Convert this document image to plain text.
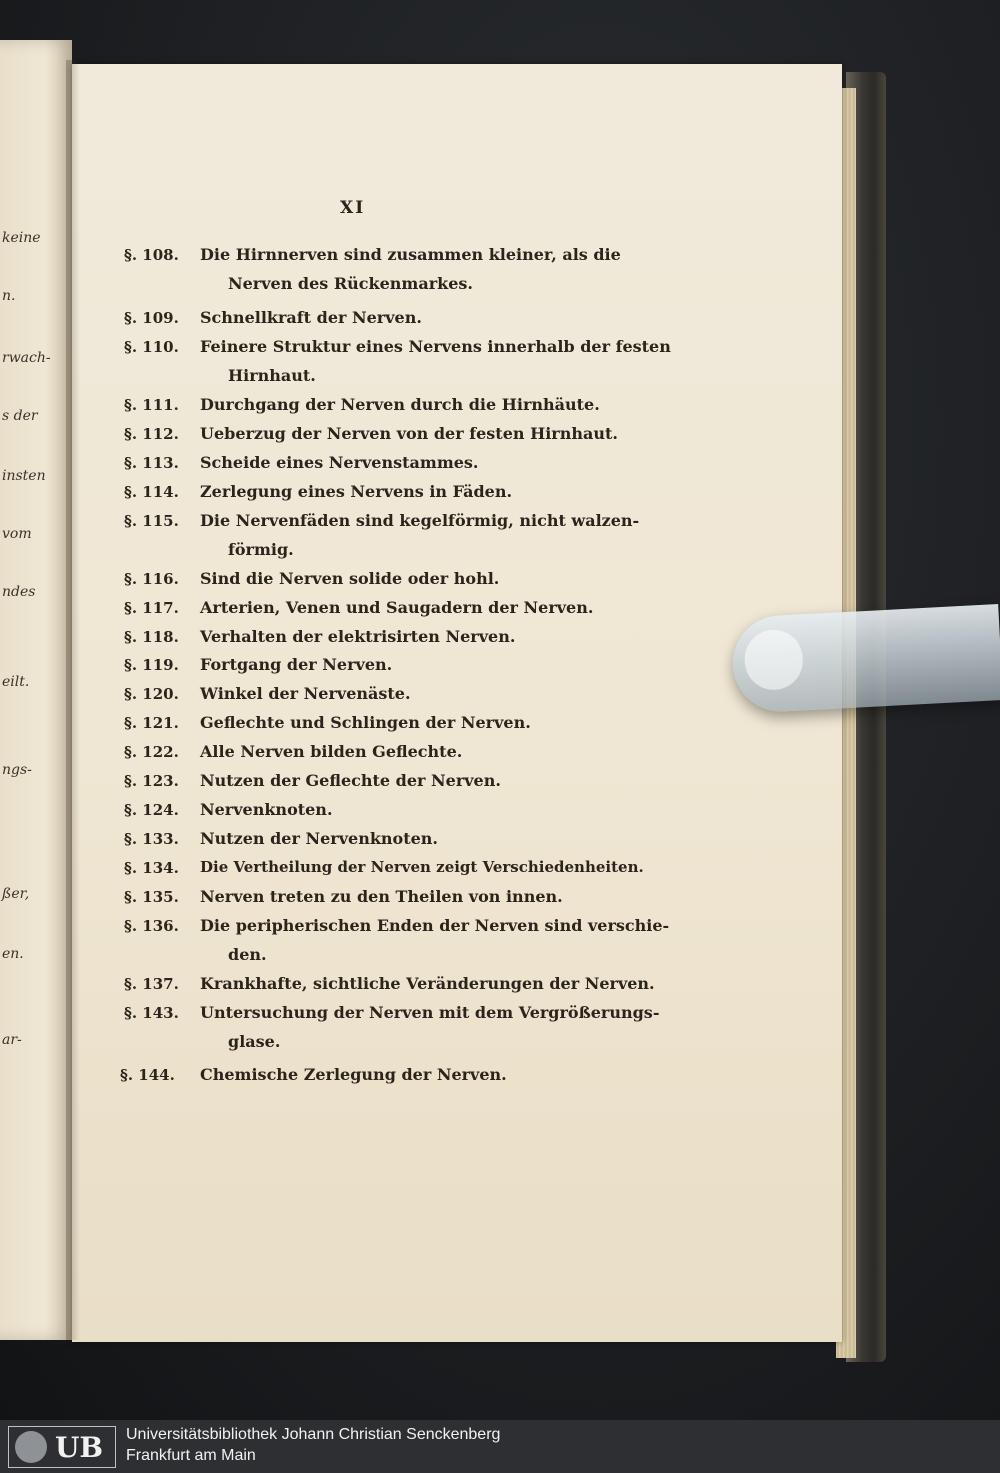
keine
n.
rwach-
s der
insten
vom
ndes
eilt.
ngs-
ßer,
en.
ar-
XI
§. 108.	Die Hirnnerven sind zusammen kleiner, als die
Nerven des Rückenmarkes.
§. 109.	Schnellkraft der Nerven.
§. 110.	Feinere Struktur eines Nervens innerhalb der festen
Hirnhaut.
§. 111.	Durchgang der Nerven durch die Hirnhäute.
§. 112.	Ueberzug der Nerven von der festen Hirnhaut.
§. 113.	Scheide eines Nervenstammes.
§. 114.	Zerlegung eines Nervens in Fäden.
§. 115.	Die Nervenfäden sind kegelförmig, nicht walzen-
förmig.
§. 116.	Sind die Nerven solide oder hohl.
§. 117.	Arterien, Venen und Saugadern der Nerven.
§. 118.	Verhalten der elektrisirten Nerven.
§. 119.	Fortgang der Nerven.
§. 120.	Winkel der Nervenäste.
§. 121.	Geflechte und Schlingen der Nerven.
§. 122.	Alle Nerven bilden Geflechte.
§. 123.	Nutzen der Geflechte der Nerven.
§. 124.	Nervenknoten.
§. 133.	Nutzen der Nervenknoten.
§. 134.	Die Vertheilung der Nerven zeigt Verschiedenheiten.
§. 135.	Nerven treten zu den Theilen von innen.
§. 136.	Die peripherischen Enden der Nerven sind verschie-
den.
§. 137.	Krankhafte, sichtliche Veränderungen der Nerven.
§. 143.	Untersuchung der Nerven mit dem Vergrößerungs-
glase.
§. 144.	Chemische Zerlegung der Nerven.
UB Universitätsbibliothek Johann Christian Senckenberg
Frankfurt am Main
